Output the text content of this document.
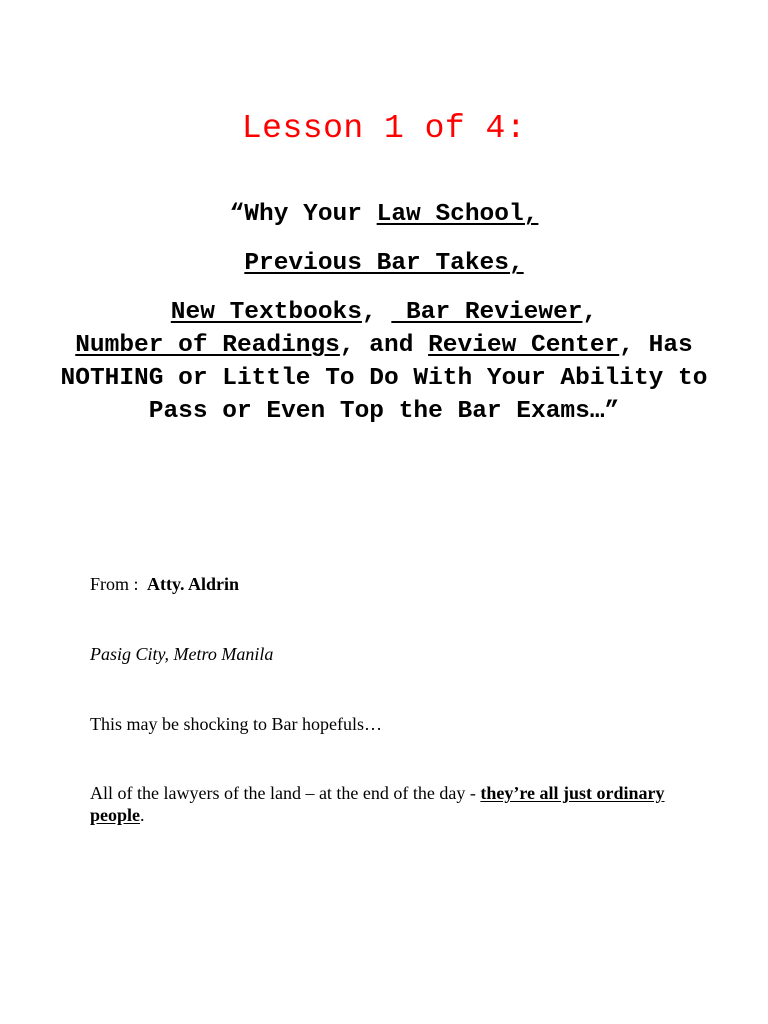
Lesson 1 of 4:
“Why Your Law School,
Previous Bar Takes,
New Textbooks,  Bar Reviewer,
Number of Readings, and Review Center, Has NOTHING or Little To Do With Your Ability to Pass or Even Top the Bar Exams…”
From : Atty. Aldrin
Pasig City, Metro Manila
This may be shocking to Bar hopefuls…
All of the lawyers of the land – at the end of the day - they’re all just ordinary people.
